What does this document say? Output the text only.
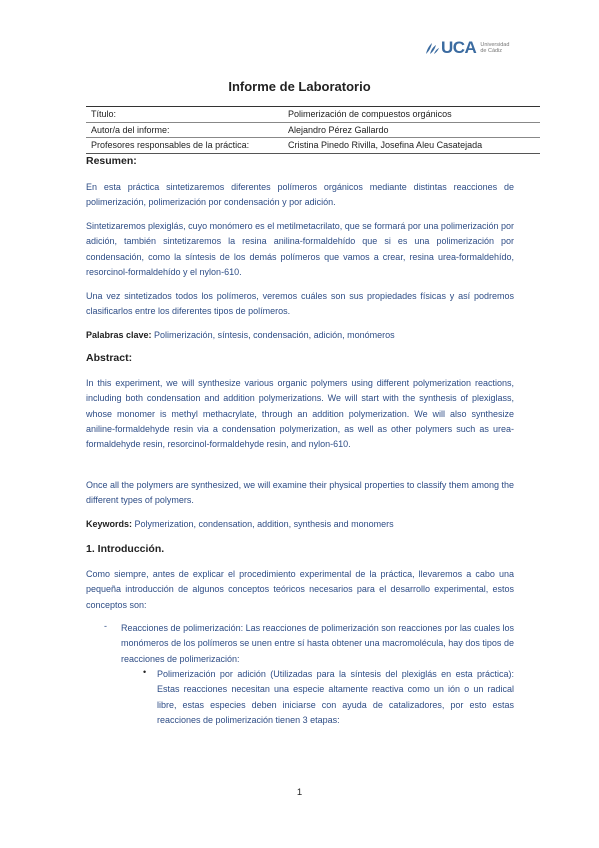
UCA Universidad de Cádiz
Informe de Laboratorio
Título:	Polimerización de compuestos orgánicos
Autor/a del informe:	Alejandro Pérez Gallardo
Profesores responsables de la práctica:	Cristina Pinedo Rivilla, Josefina Aleu Casatejada
Resumen:
En esta práctica sintetizaremos diferentes polímeros orgánicos mediante distintas reacciones de polimerización, polimerización por condensación y por adición.
Sintetizaremos plexiglás, cuyo monómero es el metilmetacrilato, que se formará por una polimerización por adición, también sintetizaremos la resina anilina-formaldehído que si es una polimerización por condensación, como la síntesis de los demás polímeros que vamos a crear, resina urea-formaldehído, resorcinol-formaldehído y el nylon-610.
Una vez sintetizados todos los polímeros, veremos cuáles son sus propiedades físicas y así podremos clasificarlos entre los diferentes tipos de polímeros.
Palabras clave: Polimerización, síntesis, condensación, adición, monómeros
Abstract:
In this experiment, we will synthesize various organic polymers using different polymerization reactions, including both condensation and addition polymerizations. We will start with the synthesis of plexiglass, whose monomer is methyl methacrylate, through an addition polymerization. We will also synthesize aniline-formaldehyde resin via a condensation polymerization, as well as other polymers such as urea-formaldehyde resin, resorcinol-formaldehyde resin, and nylon-610.
Once all the polymers are synthesized, we will examine their physical properties to classify them among the different types of polymers.
Keywords: Polymerization, condensation, addition, synthesis and monomers
1. Introducción.
Como siempre, antes de explicar el procedimiento experimental de la práctica, llevaremos a cabo una pequeña introducción de algunos conceptos teóricos necesarios para el desarrollo experimental, estos conceptos son:
- Reacciones de polimerización: Las reacciones de polimerización son reacciones por las cuales los monómeros de los polímeros se unen entre sí hasta obtener una macromolécula, hay dos tipos de reacciones de polimerización:
• Polimerización por adición (Utilizadas para la síntesis del plexiglás en esta práctica): Estas reacciones necesitan una especie altamente reactiva como un ión o un radical libre, estas especies deben iniciarse con ayuda de catalizadores, por esto estas reacciones de polimerización tienen 3 etapas:
1
